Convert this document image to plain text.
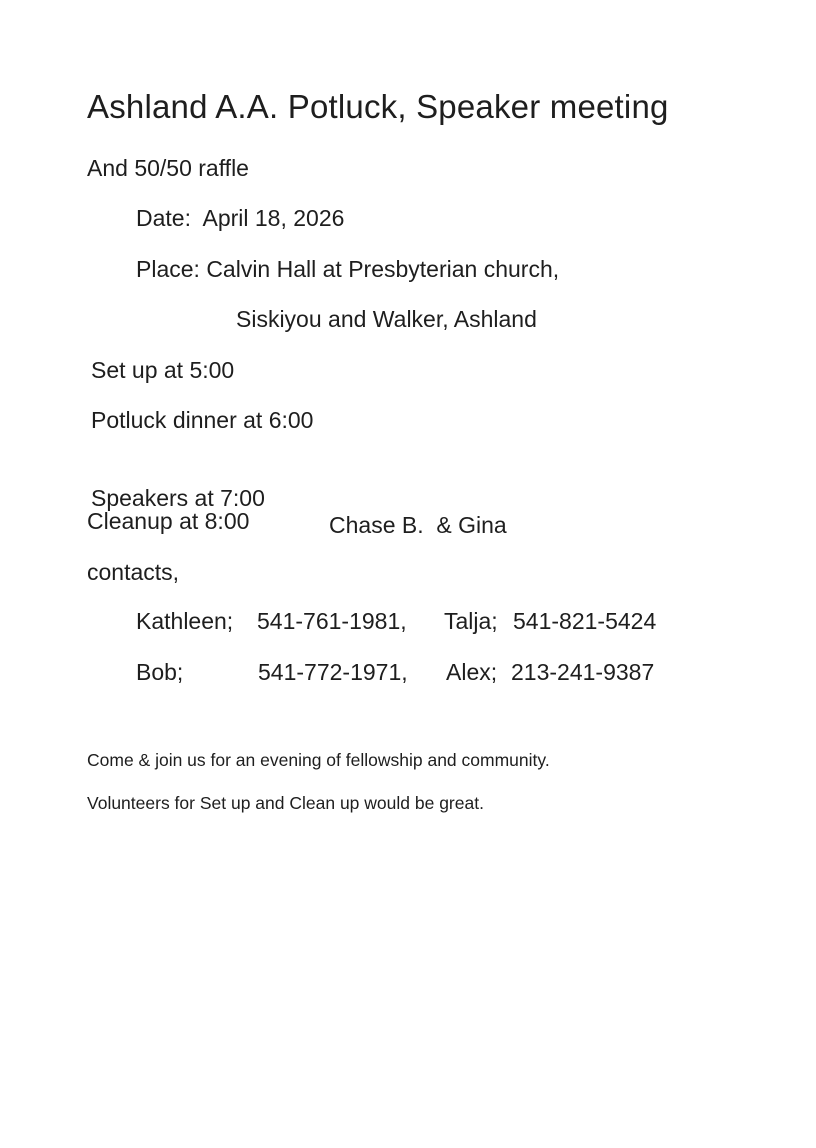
Ashland A.A. Potluck, Speaker meeting

And 50/50 raffle

Date:  April 18, 2026

Place: Calvin Hall at Presbyterian church,

Siskiyou and Walker, Ashland

Set up at 5:00

Potluck dinner at 6:00

Speakers at 7:00

Chase B.  & Gina

Cleanup at 8:00

contacts,

Kathleen;

541-761-1981,

Talja;

541-821-5424

Bob;

	541-772-1971,

Alex;

213-241-9387

Come & join us for an evening of fellowship and community.

Volunteers for Set up and Clean up would be great.
